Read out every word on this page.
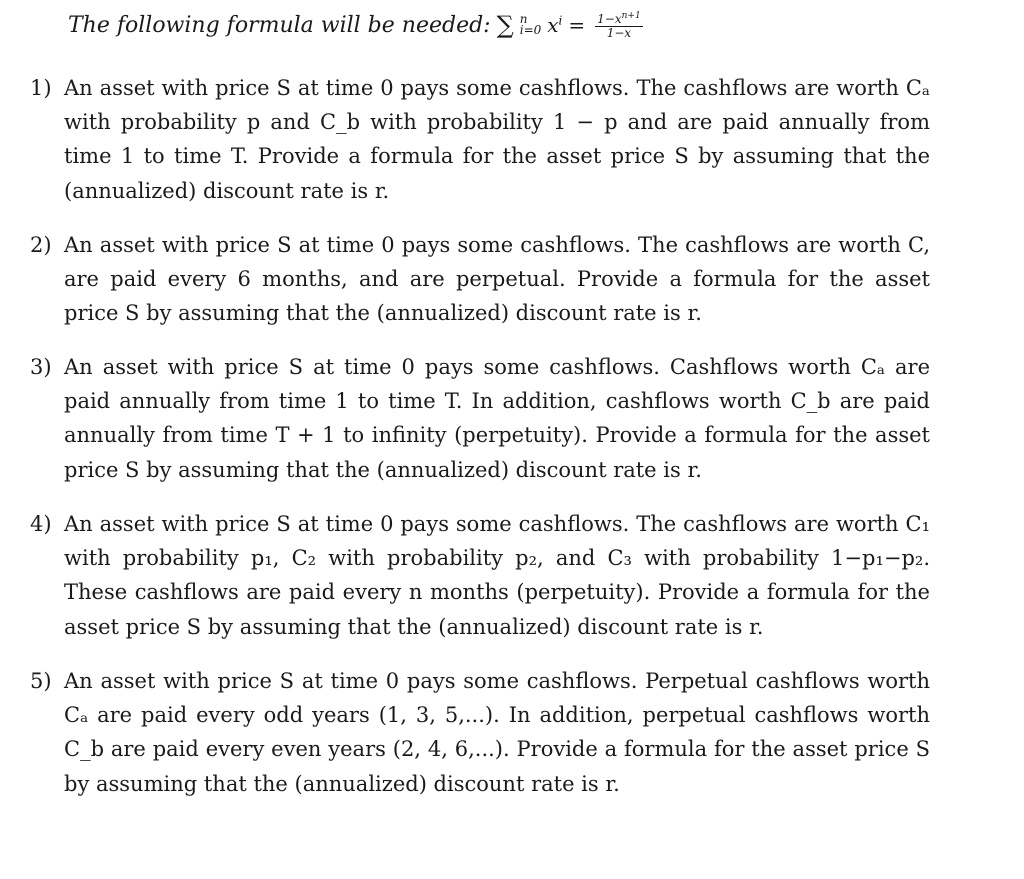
The following formula will be needed: ∑ n
i=0 $x^i = \frac{1-x^{n+1}}{1-x}$
1) An asset with price S at time 0 pays some cashflows. The cashflows are worth Cₐ with probability p and C_b with probability 1 − p and are paid annually from time 1 to time T. Provide a formula for the asset price S by assuming that the (annualized) discount rate is r.
2) An asset with price S at time 0 pays some cashflows. The cashflows are worth C, are paid every 6 months, and are perpetual. Provide a formula for the asset price S by assuming that the (annualized) discount rate is r.
3) An asset with price S at time 0 pays some cashflows. Cashflows worth Cₐ are paid annually from time 1 to time T. In addition, cashflows worth C_b are paid annually from time T + 1 to infinity (perpetuity). Provide a formula for the asset price S by assuming that the (annualized) discount rate is r.
4) An asset with price S at time 0 pays some cashflows. The cashflows are worth C₁ with probability p₁, C₂ with probability p₂, and C₃ with probability 1−p₁−p₂. These cashflows are paid every n months (perpetuity). Provide a formula for the asset price S by assuming that the (annualized) discount rate is r.
5) An asset with price S at time 0 pays some cashflows. Perpetual cashflows worth Cₐ are paid every odd years (1, 3, 5,...). In addition, perpetual cashflows worth C_b are paid every even years (2, 4, 6,...). Provide a formula for the asset price S by assuming that the (annualized) discount rate is r.
